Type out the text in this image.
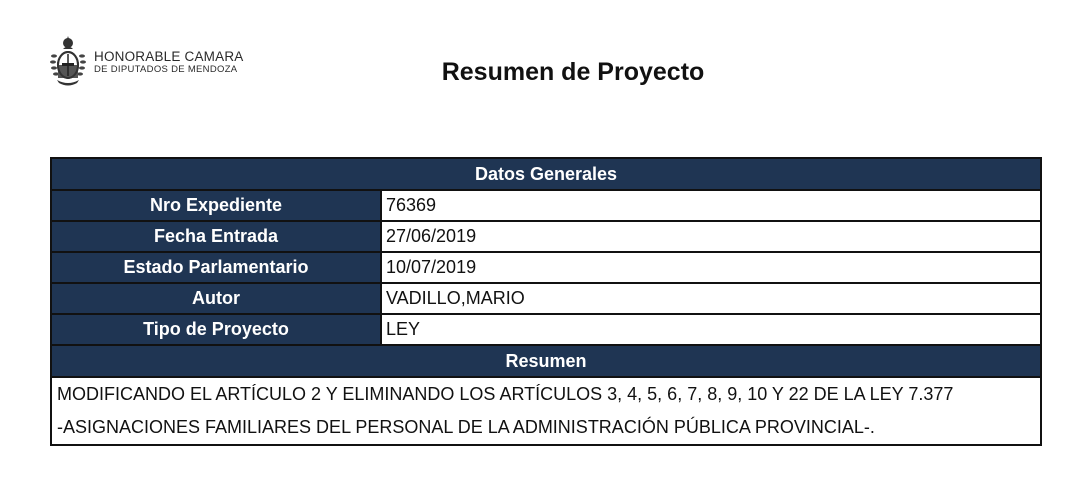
HONORABLE CAMARA
DE DIPUTADOS DE MENDOZA	Resumen de Proyecto
Datos Generales	
Nro Expediente	76369
Fecha Entrada	27/06/2019
Estado Parlamentario	10/07/2019
Autor	VADILLO,MARIO
Tipo de Proyecto	LEY
Resumen	

MODIFICANDO EL ARTÍCULO 2 Y ELIMINANDO LOS ARTÍCULOS 3, 4, 5, 6, 7, 8, 9, 10 Y 22 DE LA LEY 7.377
-ASIGNACIONES FAMILIARES DEL PERSONAL DE LA ADMINISTRACIÓN PÚBLICA PROVINCIAL-.	
